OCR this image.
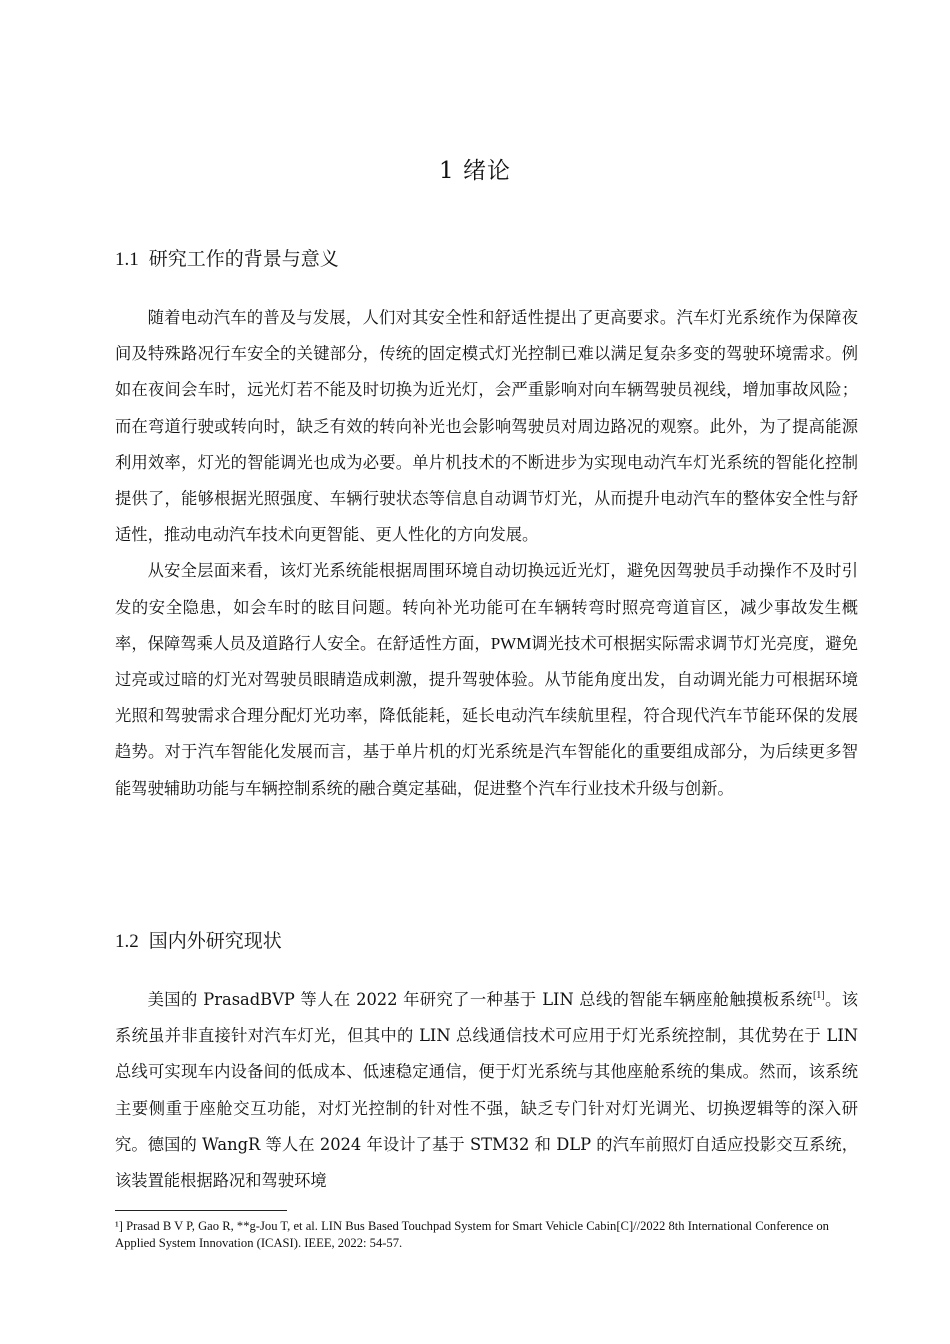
1 绪论
1.1 研究工作的背景与意义

随着电动汽车的普及与发展，人们对其安全性和舒适性提出了更高要求。汽车灯光系统作为保障夜间及特殊路况行车安全的关键部分，传统的固定模式灯光控制已难以满足复杂多变的驾驶环境需求。例如在夜间会车时，远光灯若不能及时切换为近光灯，会严重影响对向车辆驾驶员视线，增加事故风险；而在弯道行驶或转向时，缺乏有效的转向补光也会影响驾驶员对周边路况的观察。此外，为了提高能源利用效率，灯光的智能调光也成为必要。单片机技术的不断进步为实现电动汽车灯光系统的智能化控制提供了，能够根据光照强度、车辆行驶状态等信息自动调节灯光，从而提升电动汽车的整体安全性与舒适性，推动电动汽车技术向更智能、更人性化的方向发展。

从安全层面来看，该灯光系统能根据周围环境自动切换远近光灯，避免因驾驶员手动操作不及时引发的安全隐患，如会车时的眩目问题。转向补光功能可在车辆转弯时照亮弯道盲区，减少事故发生概率，保障驾乘人员及道路行人安全。在舒适性方面，PWM调光技术可根据实际需求调节灯光亮度，避免过亮或过暗的灯光对驾驶员眼睛造成刺激，提升驾驶体验。从节能角度出发，自动调光能力可根据环境光照和驾驶需求合理分配灯光功率，降低能耗，延长电动汽车续航里程，符合现代汽车节能环保的发展趋势。对于汽车智能化发展而言，基于单片机的灯光系统是汽车智能化的重要组成部分，为后续更多智能驾驶辅助功能与车辆控制系统的融合奠定基础，促进整个汽车行业技术升级与创新。

1.2 国内外研究现状

美国的 PrasadBVP 等人在 2022 年研究了一种基于 LIN 总线的智能车辆座舱触摸板系统[1]。该系统虽并非直接针对汽车灯光，但其中的 LIN 总线通信技术可应用于灯光系统控制，其优势在于 LIN 总线可实现车内设备间的低成本、低速稳定通信，便于灯光系统与其他座舱系统的集成。然而，该系统主要侧重于座舱交互功能，对灯光控制的针对性不强，缺乏专门针对灯光调光、切换逻辑等的深入研究。德国的 WangR 等人在 2024 年设计了基于 STM32 和 DLP 的汽车前照灯自适应投影交互系统，该装置能根据路况和驾驶环境

¹] Prasad B V P, Gao R, **g-Jou T, et al. LIN Bus Based Touchpad System for Smart Vehicle Cabin[C]//2022 8th International Conference on Applied System Innovation (ICASI). IEEE, 2022: 54-57.
